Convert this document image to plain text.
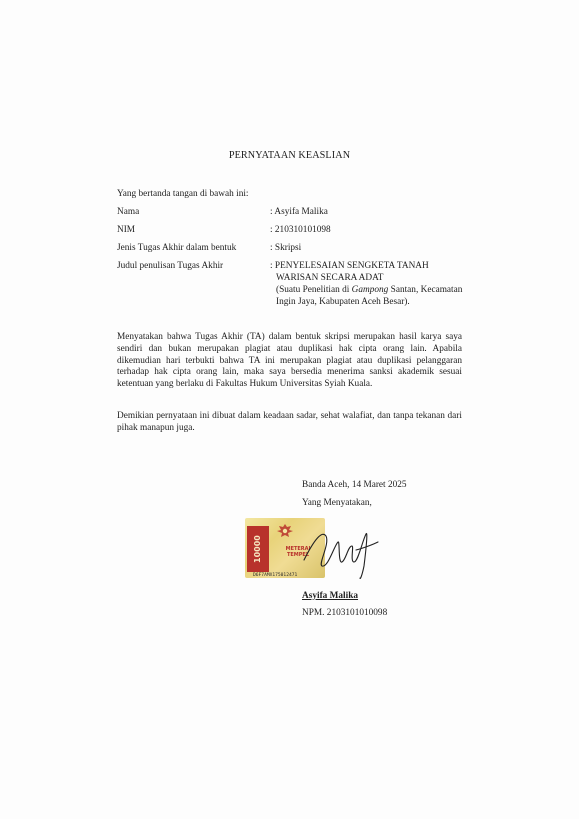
PERNYATAAN KEASLIAN
Yang bertanda tangan di bawah ini:
Nama	: Asyifa Malika
NIM	: 210310101098
Jenis Tugas Akhir dalam bentuk	: Skripsi
Judul penulisan Tugas Akhir	: PENYELESAIAN SENGKETA TANAH
WARISAN SECARA ADAT
(Suatu Penelitian di Gampong Santan, Kecamatan Ingin Jaya, Kabupaten Aceh Besar).
Menyatakan bahwa Tugas Akhir (TA) dalam bentuk skripsi merupakan hasil karya saya sendiri dan bukan merupakan plagiat atau duplikasi hak cipta orang lain. Apabila dikemudian hari terbukti bahwa TA ini merupakan plagiat atau duplikasi pelanggaran terhadap hak cipta orang lain, maka saya bersedia menerima sanksi akademik sesuai ketentuan yang berlaku di Fakultas Hukum Universitas Syiah Kuala.
Demikian pernyataan ini dibuat dalam keadaan sadar, sehat walafiat, dan tanpa tekanan dari pihak manapun juga.
Banda Aceh, 14 Maret 2025
Yang Menyatakan,
10000	METERAI
TEMPEL
D6F7AMX175012471
Asyifa Malika
NPM. 2103101010098
